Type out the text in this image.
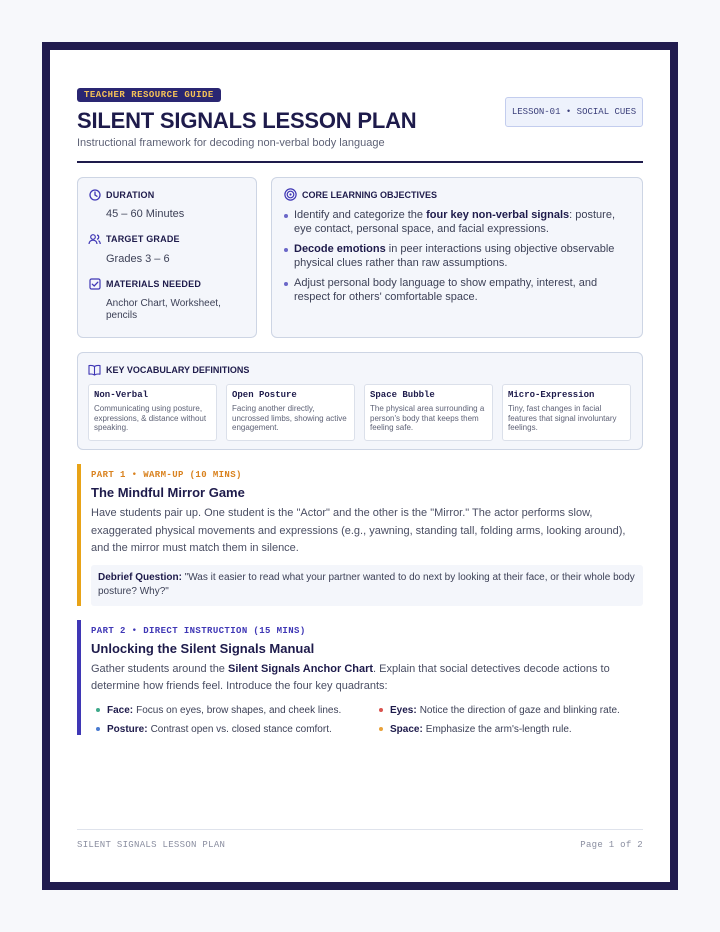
TEACHER RESOURCE GUIDE
SILENT SIGNALS LESSON PLAN
Instructional framework for decoding non-verbal body language
LESSON-01 • SOCIAL CUES
DURATION
45 – 60 Minutes
TARGET GRADE
Grades 3 – 6
MATERIALS NEEDED
Anchor Chart, Worksheet, pencils
CORE LEARNING OBJECTIVES
Identify and categorize the four key non-verbal signals: posture, eye contact, personal space, and facial expressions.
Decode emotions in peer interactions using objective observable physical clues rather than raw assumptions.
Adjust personal body language to show empathy, interest, and respect for others' comfortable space.
KEY VOCABULARY DEFINITIONS
Non-Verbal
Communicating using posture, expressions, & distance without speaking.
Open Posture
Facing another directly, uncrossed limbs, showing active engagement.
Space Bubble
The physical area surrounding a person's body that keeps them feeling safe.
Micro-Expression
Tiny, fast changes in facial features that signal involuntary feelings.
PART 1 • WARM-UP (10 MINS)
The Mindful Mirror Game
Have students pair up. One student is the "Actor" and the other is the "Mirror." The actor performs slow, exaggerated physical movements and expressions (e.g., yawning, standing tall, folding arms, looking around), and the mirror must match them in silence.
Debrief Question: "Was it easier to read what your partner wanted to do next by looking at their face, or their whole body posture? Why?"
PART 2 • DIRECT INSTRUCTION (15 MINS)
Unlocking the Silent Signals Manual
Gather students around the Silent Signals Anchor Chart. Explain that social detectives decode actions to determine how friends feel. Introduce the four key quadrants:
Face: Focus on eyes, brow shapes, and cheek lines.	Eyes: Notice the direction of gaze and blinking rate.
Posture: Contrast open vs. closed stance comfort.	Space: Emphasize the arm's-length rule.
SILENT SIGNALS LESSON PLAN	Page 1 of 2
